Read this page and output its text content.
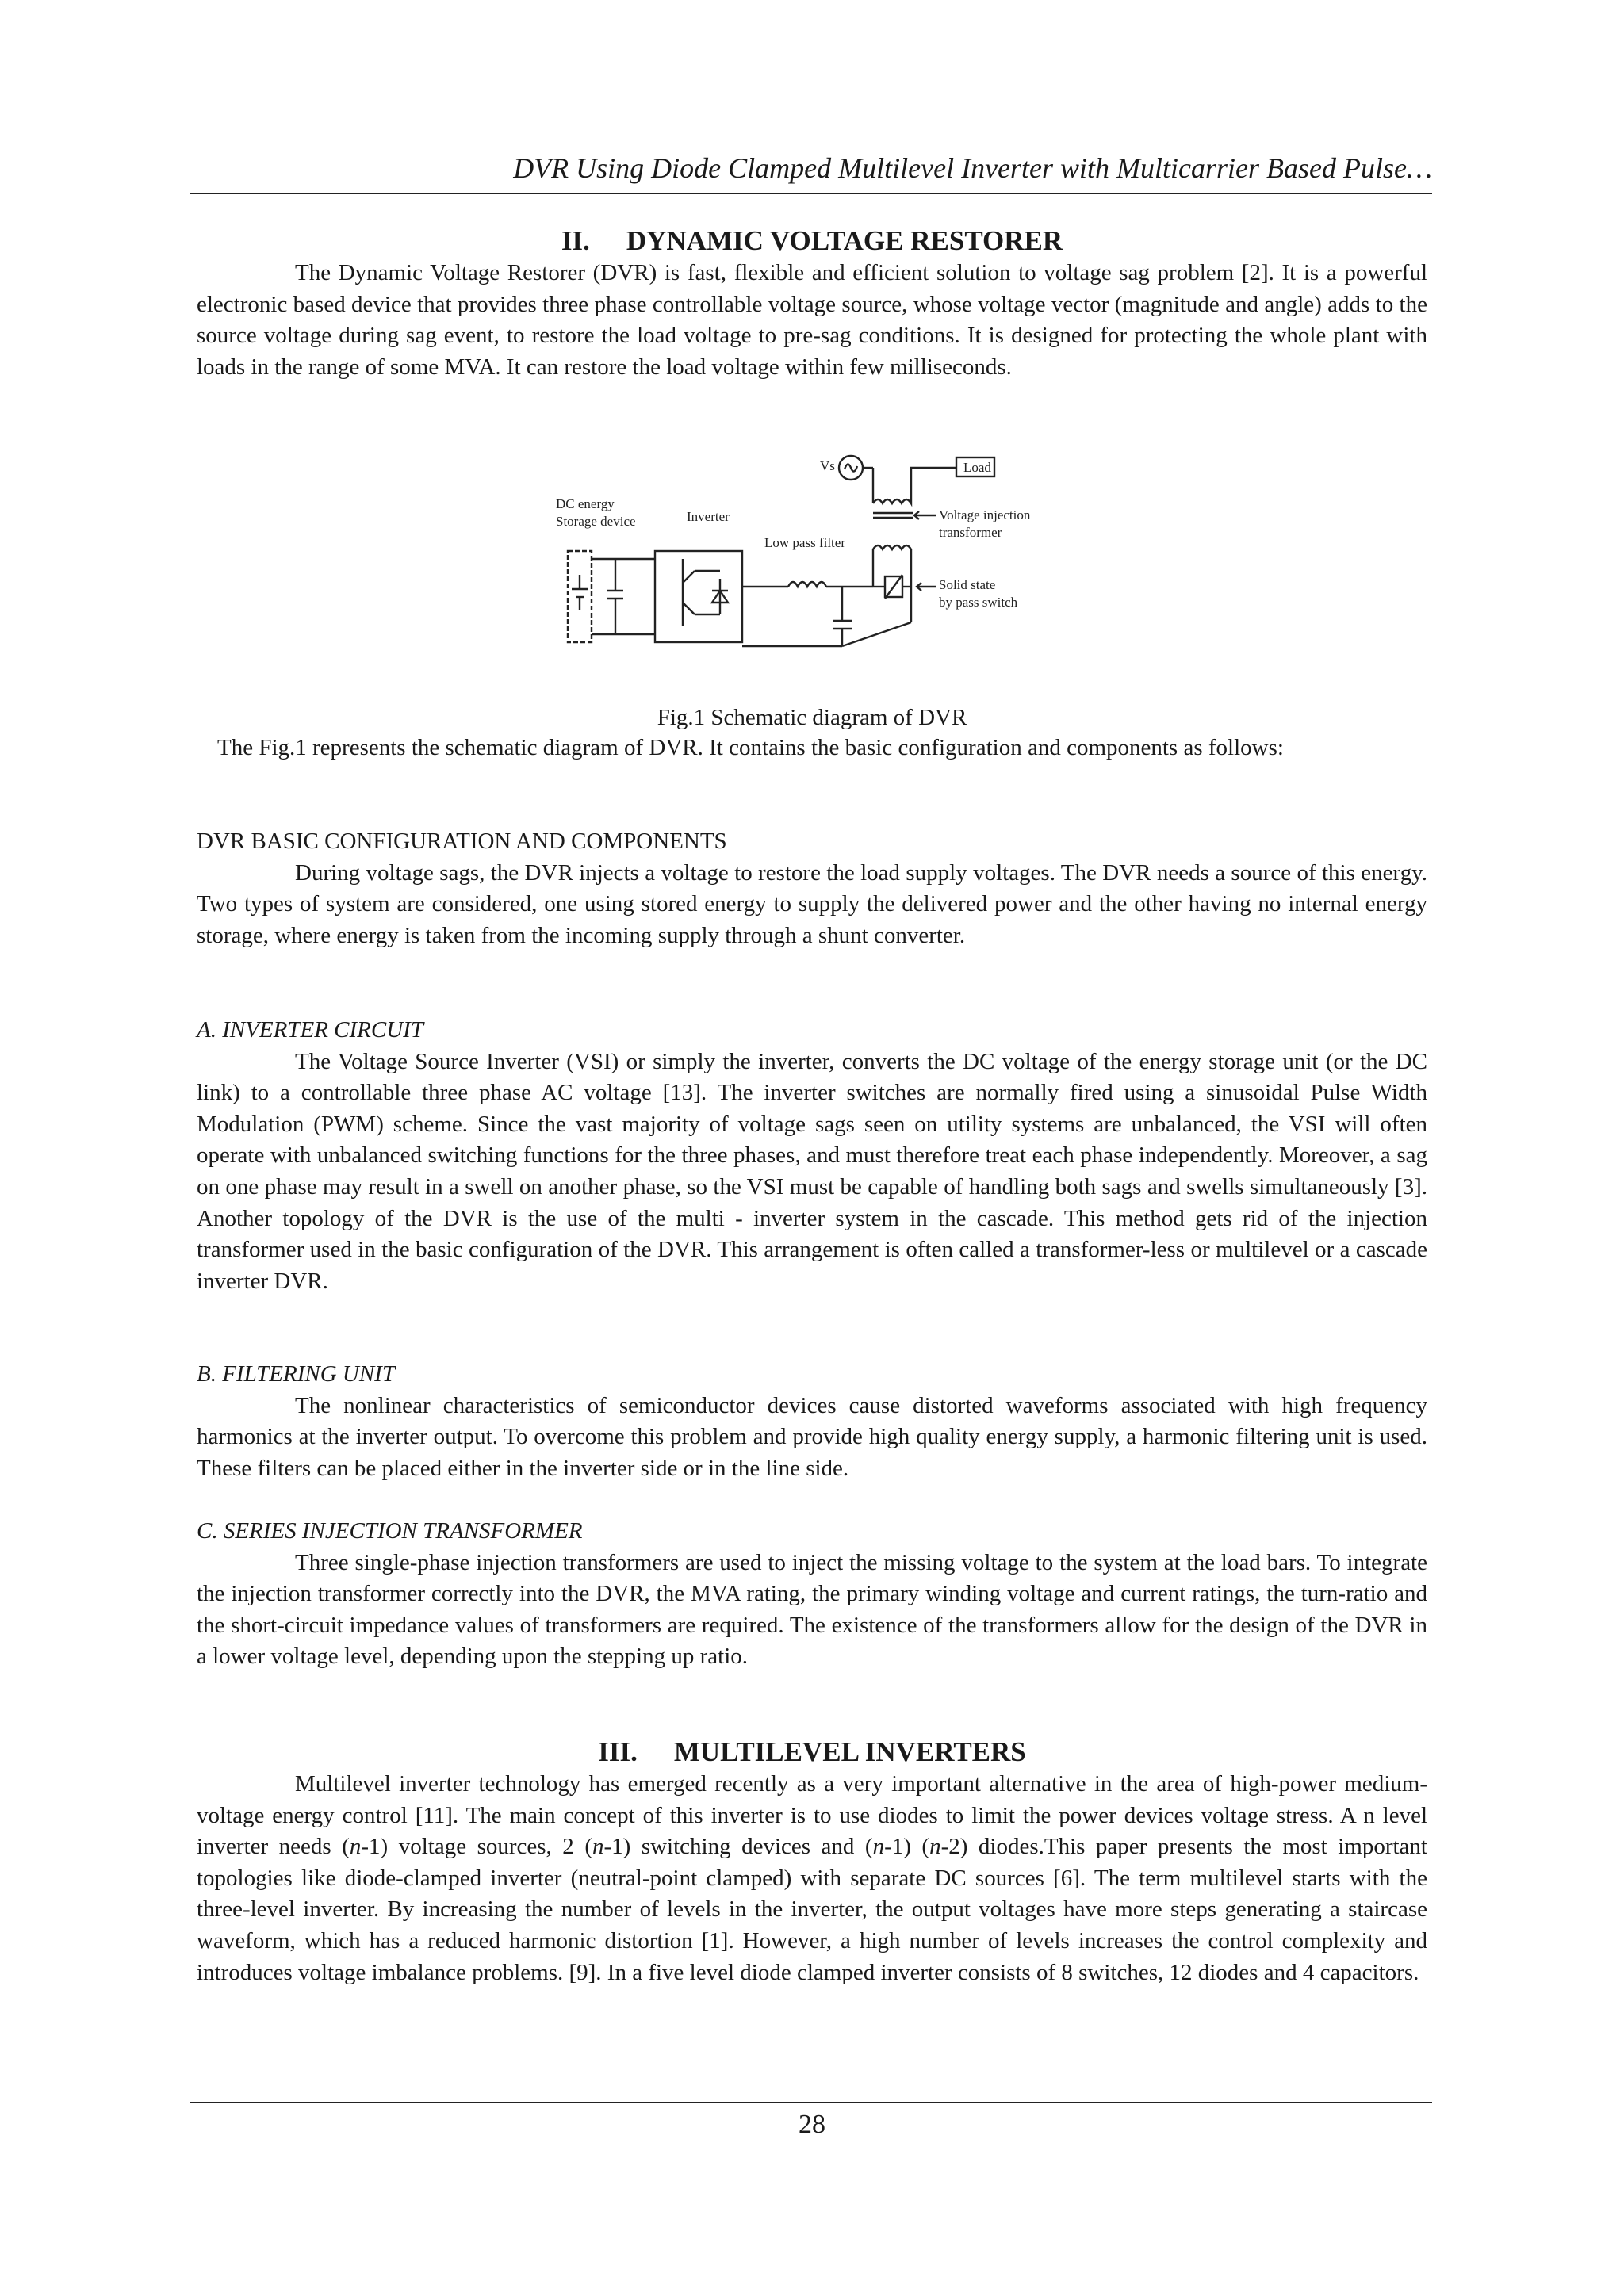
DVR Using Diode Clamped Multilevel Inverter with Multicarrier Based Pulse…
II. DYNAMIC VOLTAGE RESTORER

The Dynamic Voltage Restorer (DVR) is fast, flexible and efficient solution to voltage sag problem [2]. It is a powerful electronic based device that provides three phase controllable voltage source, whose voltage vector (magnitude and angle) adds to the source voltage during sag event, to restore the load voltage to pre-sag conditions. It is designed for protecting the whole plant with loads in the range of some MVA. It can restore the load voltage within few milliseconds.

Vs	Load
DC energy
Storage device	Inverter
Low pass filter
Voltage injection
transformer
Solid state
by pass switch
Fig.1 Schematic diagram of DVR

The Fig.1 represents the schematic diagram of DVR. It contains the basic configuration and components as follows:

DVR BASIC CONFIGURATION AND COMPONENTS

During voltage sags, the DVR injects a voltage to restore the load supply voltages. The DVR needs a source of this energy. Two types of system are considered, one using stored energy to supply the delivered power and the other having no internal energy storage, where energy is taken from the incoming supply through a shunt converter.

A. INVERTER CIRCUIT

The Voltage Source Inverter (VSI) or simply the inverter, converts the DC voltage of the energy storage unit (or the DC link) to a controllable three phase AC voltage [13]. The inverter switches are normally fired using a sinusoidal Pulse Width Modulation (PWM) scheme. Since the vast majority of voltage sags seen on utility systems are unbalanced, the VSI will often operate with unbalanced switching functions for the three phases, and must therefore treat each phase independently. Moreover, a sag on one phase may result in a swell on another phase, so the VSI must be capable of handling both sags and swells simultaneously [3]. Another topology of the DVR is the use of the multi - inverter system in the cascade. This method gets rid of the injection transformer used in the basic configuration of the DVR. This arrangement is often called a transformer-less or multilevel or a cascade inverter DVR.

B. FILTERING UNIT

The nonlinear characteristics of semiconductor devices cause distorted waveforms associated with high frequency harmonics at the inverter output. To overcome this problem and provide high quality energy supply, a harmonic filtering unit is used. These filters can be placed either in the inverter side or in the line side.

C. SERIES INJECTION TRANSFORMER

Three single-phase injection transformers are used to inject the missing voltage to the system at the load bars. To integrate the injection transformer correctly into the DVR, the MVA rating, the primary winding voltage and current ratings, the turn-ratio and the short-circuit impedance values of transformers are required. The existence of the transformers allow for the design of the DVR in a lower voltage level, depending upon the stepping up ratio.

III. MULTILEVEL INVERTERS

Multilevel inverter technology has emerged recently as a very important alternative in the area of high-power medium-voltage energy control [11]. The main concept of this inverter is to use diodes to limit the power devices voltage stress. A n level inverter needs (n-1) voltage sources, 2 (n-1) switching devices and (n-1) (n-2) diodes.This paper presents the most important topologies like diode-clamped inverter (neutral-point clamped) with separate DC sources [6]. The term multilevel starts with the three-level inverter. By increasing the number of levels in the inverter, the output voltages have more steps generating a staircase waveform, which has a reduced harmonic distortion [1]. However, a high number of levels increases the control complexity and introduces voltage imbalance problems. [9]. In a five level diode clamped inverter consists of 8 switches, 12 diodes and 4 capacitors.

28
